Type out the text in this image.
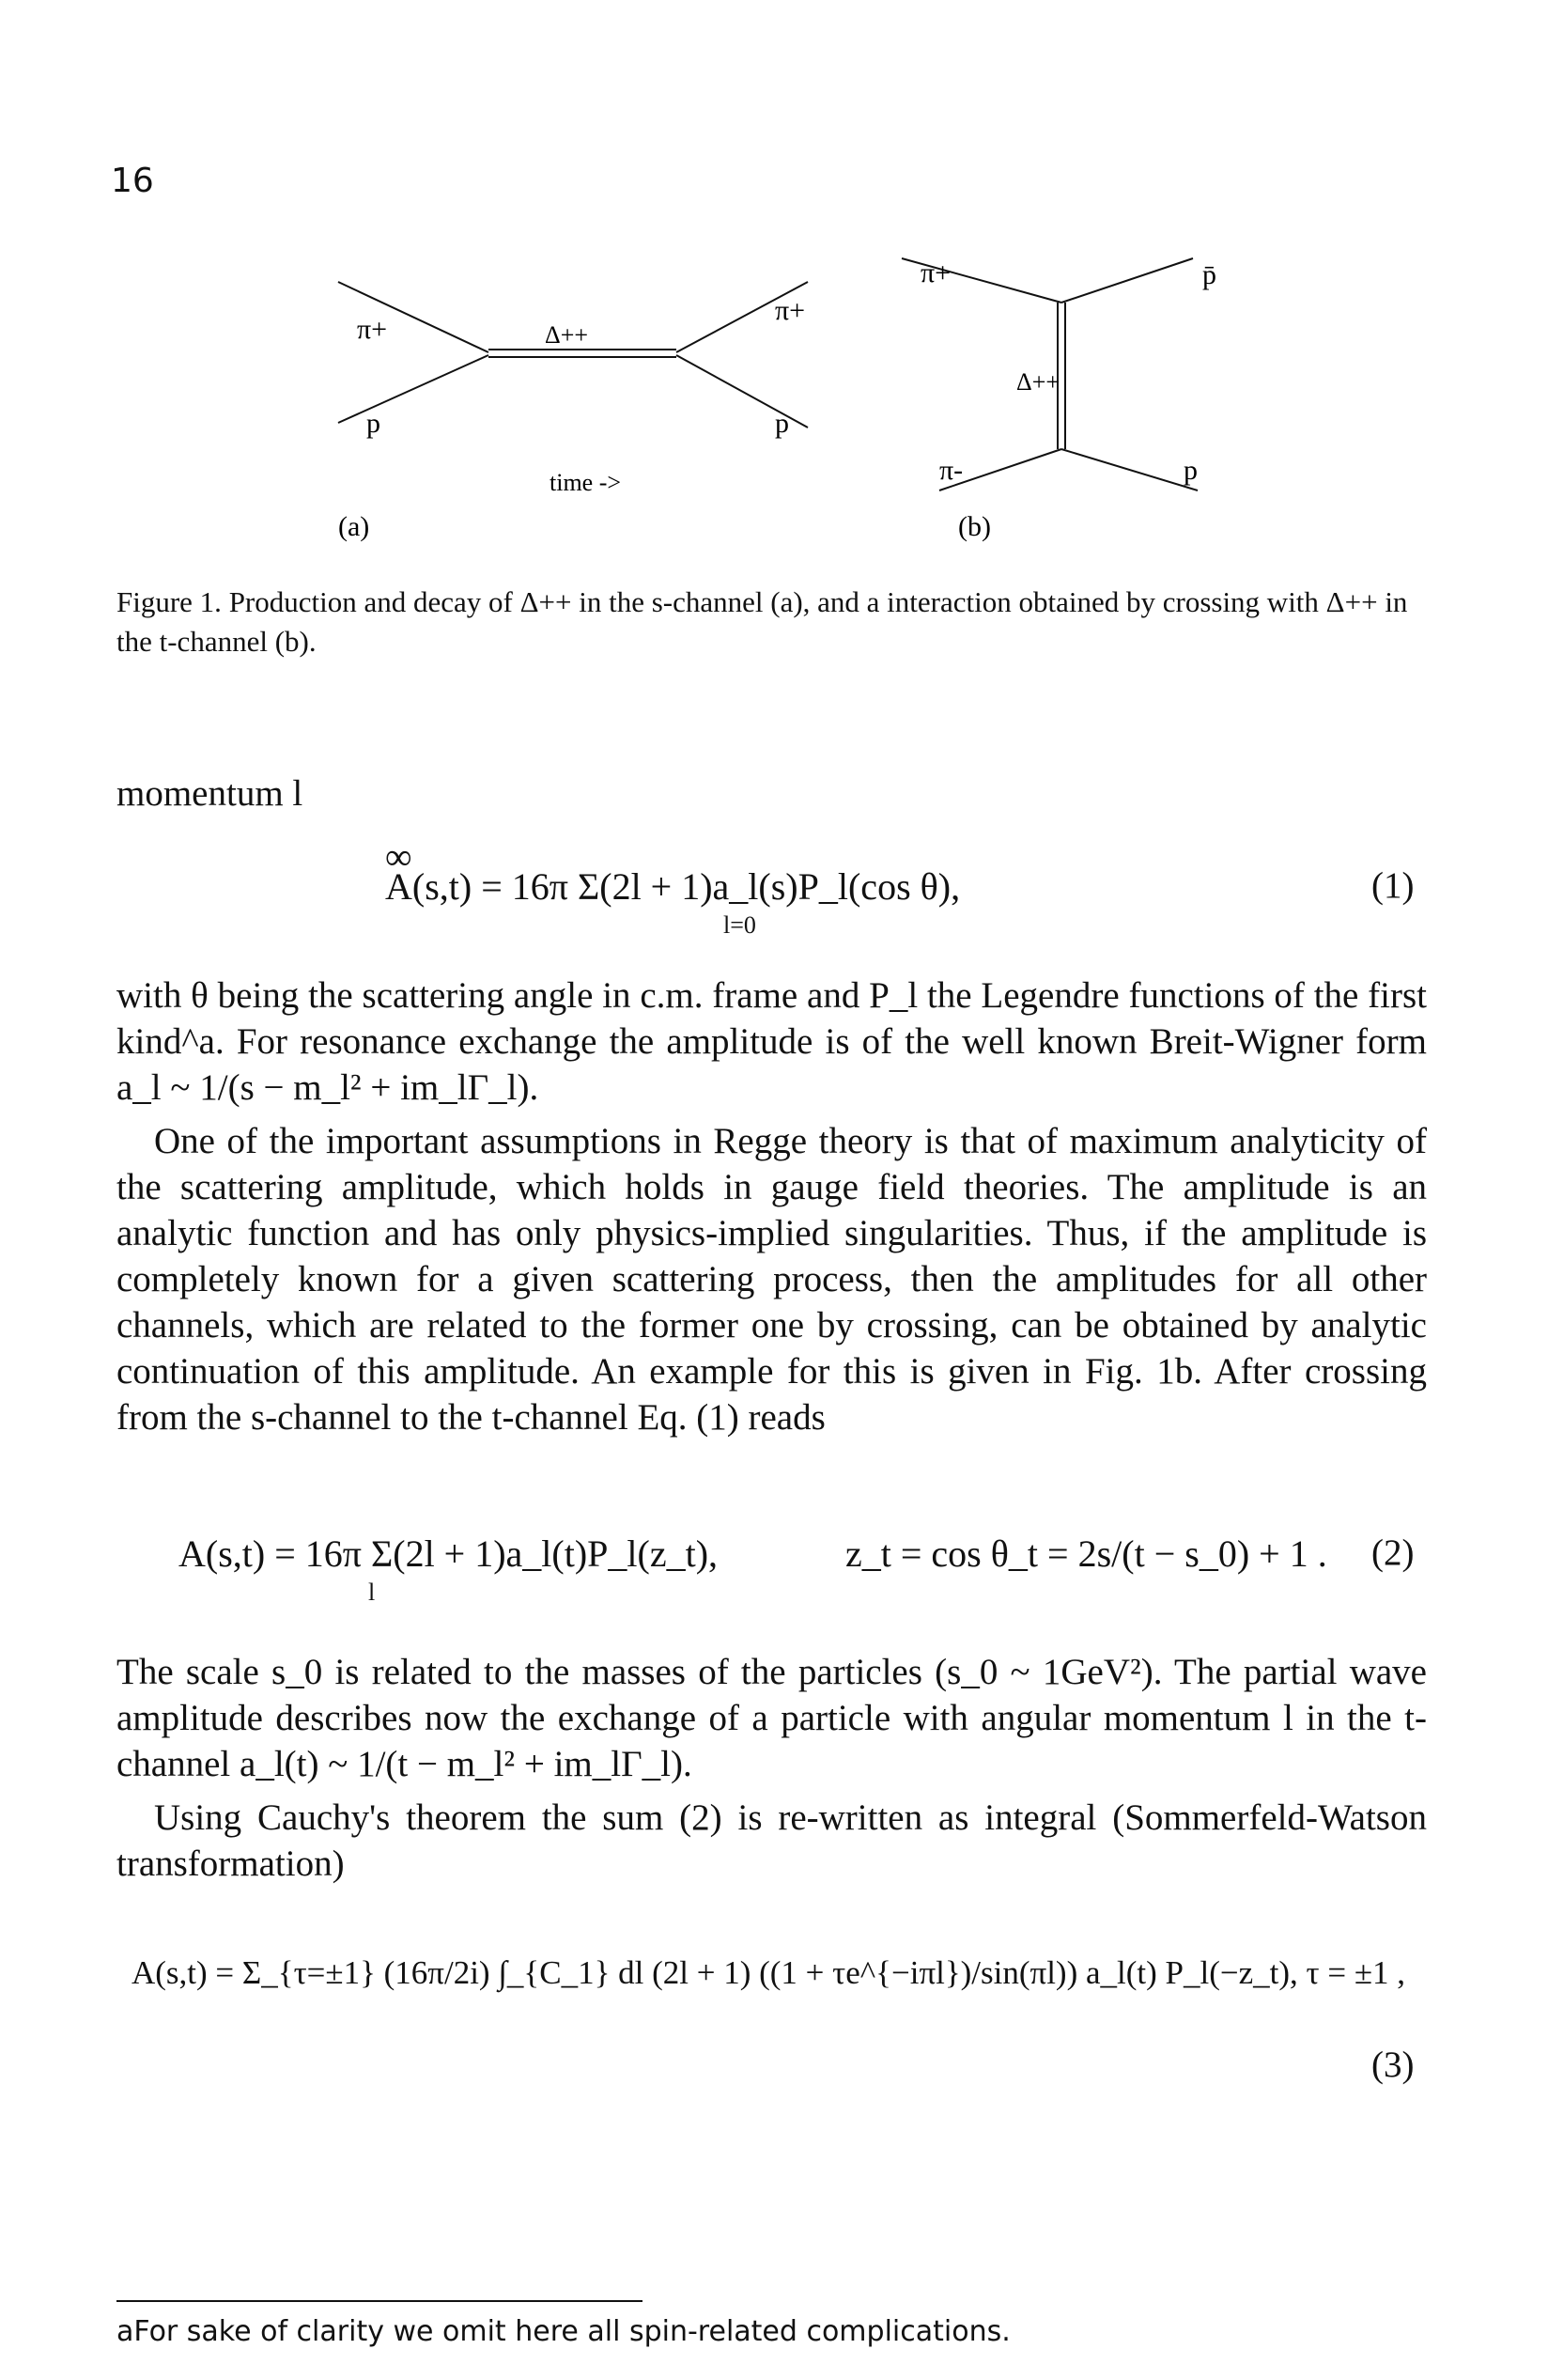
16
π+
p
Δ++
π+
p
time ->
(a)
π+	p̄
Δ++
π-	p
(b)
Figure 1. Production and decay of Δ++ in the s-channel (a), and a interaction obtained by crossing with Δ++ in the t-channel (b).
momentum l
∞
A(s,t) = 16π Σ(2l + 1)a_l(s)P_l(cos θ),
l=0
(1)
with θ being the scattering angle in c.m. frame and P_l the Legendre functions of the first kind^a. For resonance exchange the amplitude is of the well known Breit-Wigner form a_l ~ 1/(s − m_l² + im_lΓ_l).
One of the important assumptions in Regge theory is that of maximum analyticity of the scattering amplitude, which holds in gauge field theories. The amplitude is an analytic function and has only physics-implied singularities. Thus, if the amplitude is completely known for a given scattering process, then the amplitudes for all other channels, which are related to the former one by crossing, can be obtained by analytic continuation of this amplitude. An example for this is given in Fig. 1b. After crossing from the s-channel to the t-channel Eq. (1) reads
A(s,t) = 16π Σ(2l + 1)a_l(t)P_l(z_t),
l
z_t = cos θ_t = 2s/(t − s_0) + 1 . (2)
The scale s_0 is related to the masses of the particles (s_0 ~ 1GeV²). The partial wave amplitude describes now the exchange of a particle with angular momentum l in the t-channel a_l(t) ~ 1/(t − m_l² + im_lΓ_l).
Using Cauchy's theorem the sum (2) is re-written as integral (Sommerfeld-Watson transformation)
A(s,t) = Σ_{τ=±1} (16π/2i) ∫_{C_1} dl (2l + 1) ((1 + τe^{−iπl})/sin(πl)) a_l(t) P_l(−z_t), τ = ±1 ,
(3)
aFor sake of clarity we omit here all spin-related complications.
